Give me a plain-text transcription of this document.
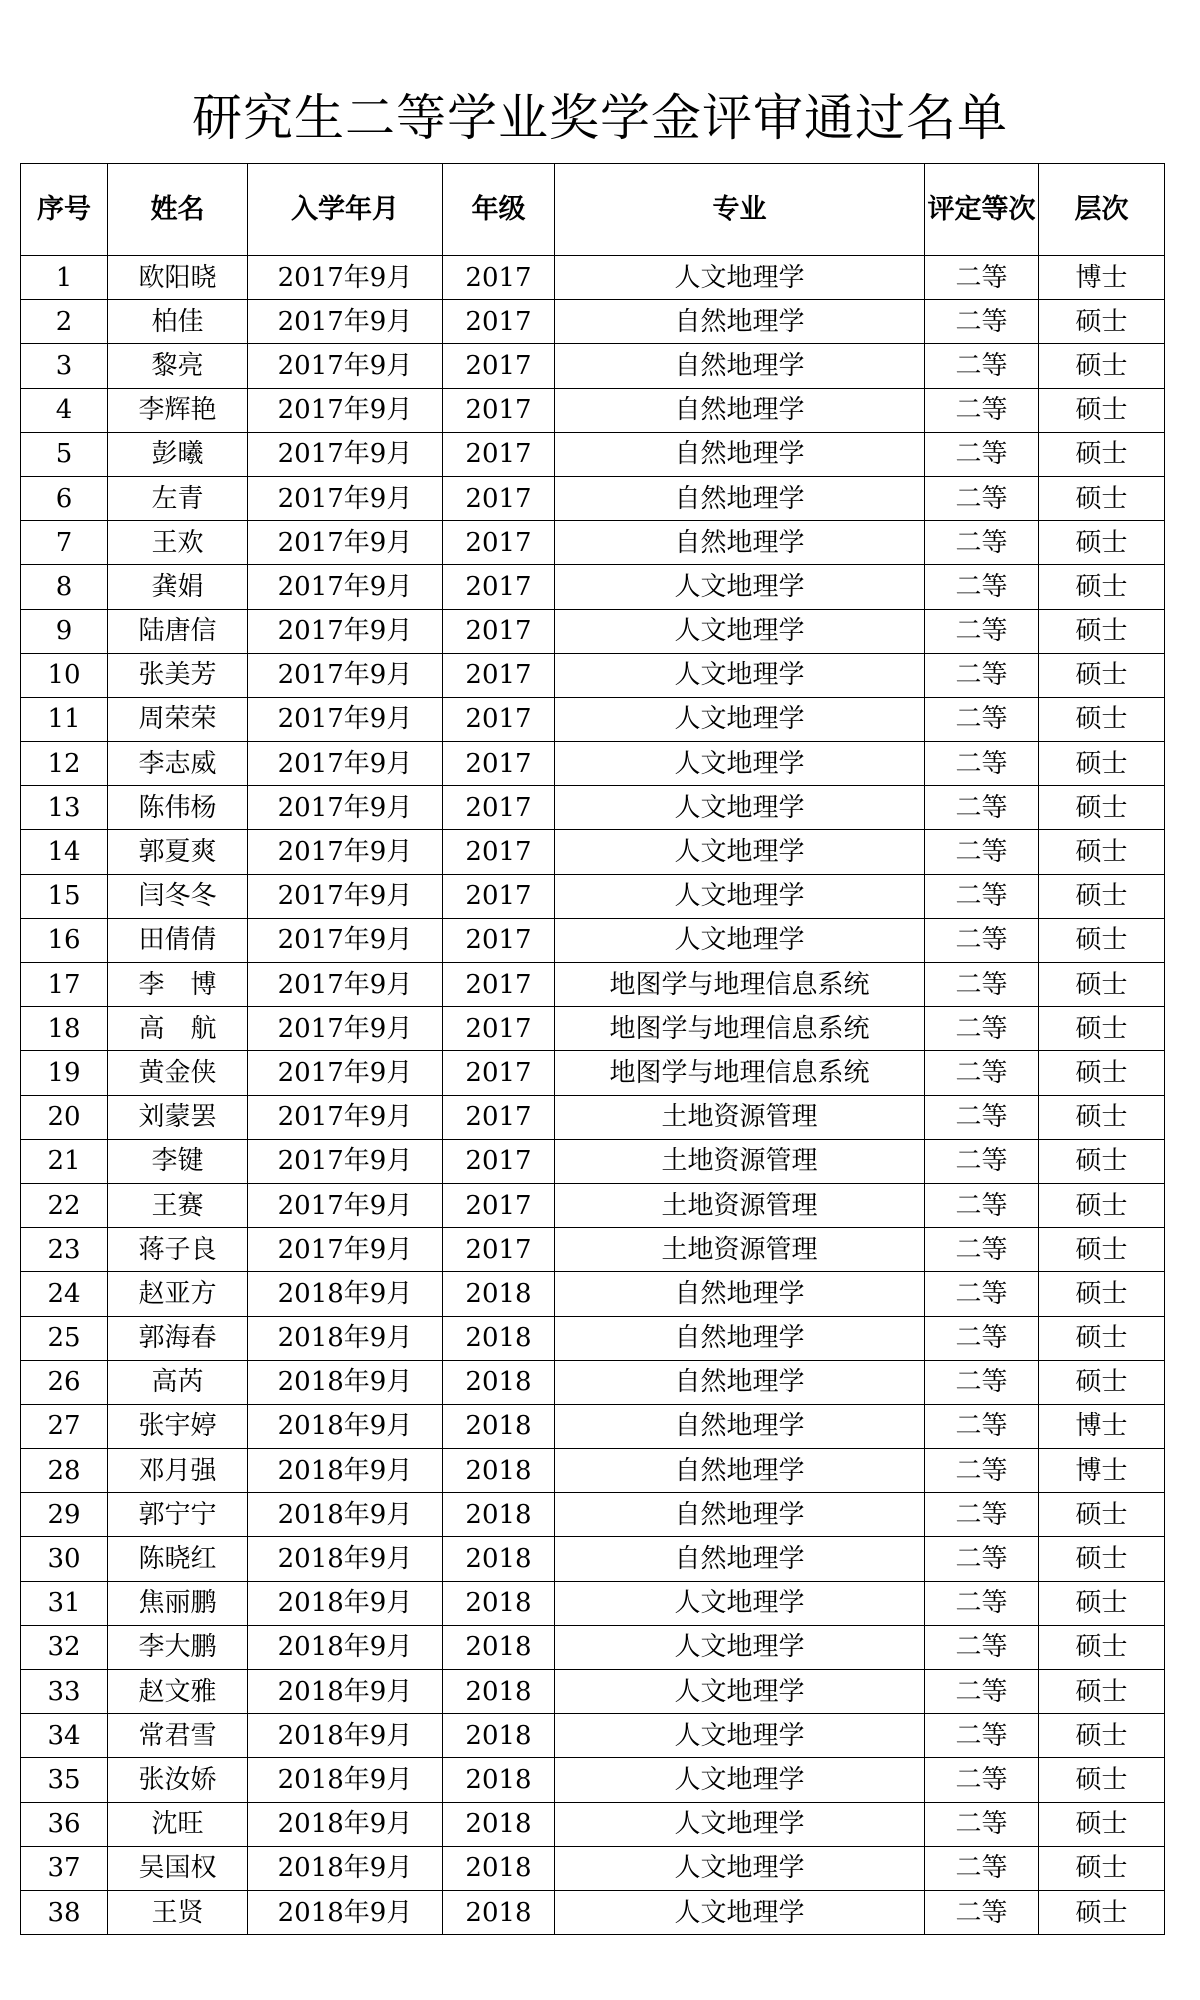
研究生二等学业奖学金评审通过名单
序号	姓名	入学年月	年级	专业	评定等次	层次
1	欧阳晓	2017年9月	2017	人文地理学	二等	博士
2	柏佳	2017年9月	2017	自然地理学	二等	硕士
3	黎亮	2017年9月	2017	自然地理学	二等	硕士
4	李辉艳	2017年9月	2017	自然地理学	二等	硕士
5	彭曦	2017年9月	2017	自然地理学	二等	硕士
6	左青	2017年9月	2017	自然地理学	二等	硕士
7	王欢	2017年9月	2017	自然地理学	二等	硕士
8	龚娟	2017年9月	2017	人文地理学	二等	硕士
9	陆唐信	2017年9月	2017	人文地理学	二等	硕士
10	张美芳	2017年9月	2017	人文地理学	二等	硕士
11	周荣荣	2017年9月	2017	人文地理学	二等	硕士
12	李志威	2017年9月	2017	人文地理学	二等	硕士
13	陈伟杨	2017年9月	2017	人文地理学	二等	硕士
14	郭夏爽	2017年9月	2017	人文地理学	二等	硕士
15	闫冬冬	2017年9月	2017	人文地理学	二等	硕士
16	田倩倩	2017年9月	2017	人文地理学	二等	硕士
17	李　博	2017年9月	2017	地图学与地理信息系统	二等	硕士
18	高　航	2017年9月	2017	地图学与地理信息系统	二等	硕士
19	黄金侠	2017年9月	2017	地图学与地理信息系统	二等	硕士
20	刘蒙罢	2017年9月	2017	土地资源管理	二等	硕士
21	李键	2017年9月	2017	土地资源管理	二等	硕士
22	王赛	2017年9月	2017	土地资源管理	二等	硕士
23	蒋子良	2017年9月	2017	土地资源管理	二等	硕士
24	赵亚方	2018年9月	2018	自然地理学	二等	硕士
25	郭海春	2018年9月	2018	自然地理学	二等	硕士
26	高芮	2018年9月	2018	自然地理学	二等	硕士
27	张宇婷	2018年9月	2018	自然地理学	二等	博士
28	邓月强	2018年9月	2018	自然地理学	二等	博士
29	郭宁宁	2018年9月	2018	自然地理学	二等	硕士
30	陈晓红	2018年9月	2018	自然地理学	二等	硕士
31	焦丽鹏	2018年9月	2018	人文地理学	二等	硕士
32	李大鹏	2018年9月	2018	人文地理学	二等	硕士
33	赵文雅	2018年9月	2018	人文地理学	二等	硕士
34	常君雪	2018年9月	2018	人文地理学	二等	硕士
35	张汝娇	2018年9月	2018	人文地理学	二等	硕士
36	沈旺	2018年9月	2018	人文地理学	二等	硕士
37	吴国权	2018年9月	2018	人文地理学	二等	硕士
38	王贤	2018年9月	2018	人文地理学	二等	硕士
